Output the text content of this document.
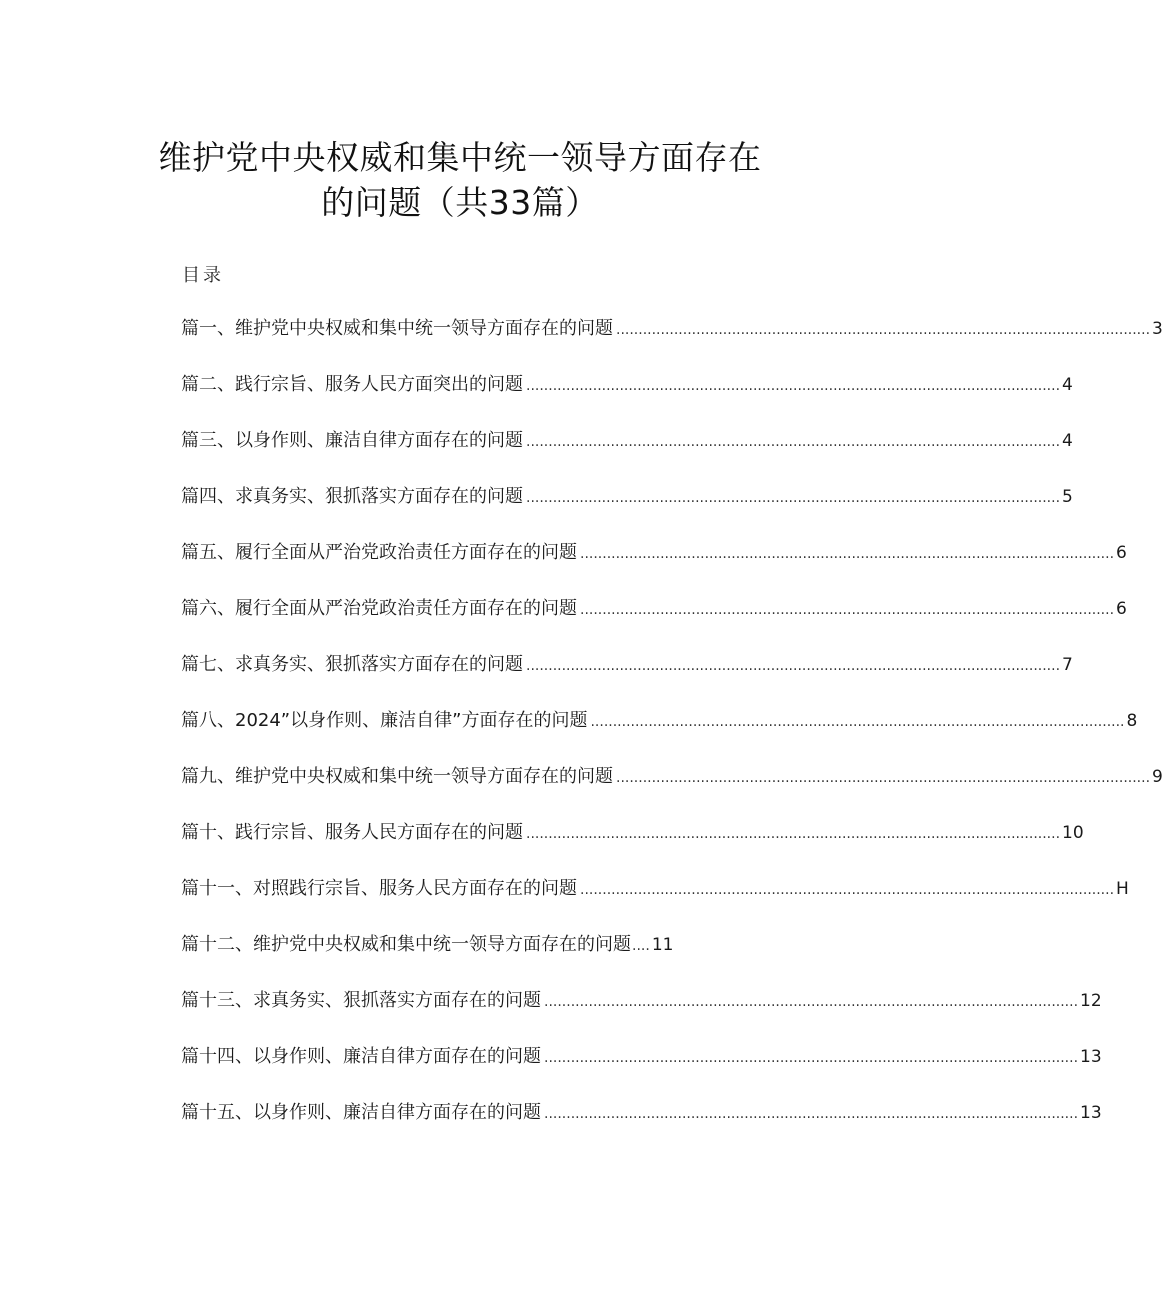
维护党中央权威和集中统一领导方面存在
的问题（共33篇）
目录
篇一、维护党中央权威和集中统一领导方面存在的问题 ........................................................................................................................ 3
篇二、践行宗旨、服务人民方面突出的问题 ........................................................................................................................ 4
篇三、以身作则、廉洁自律方面存在的问题 ........................................................................................................................ 4
篇四、求真务实、狠抓落实方面存在的问题 ........................................................................................................................ 5
篇五、履行全面从严治党政治责任方面存在的问题 ........................................................................................................................ 6
篇六、履行全面从严治党政治责任方面存在的问题 ........................................................................................................................ 6
篇七、求真务实、狠抓落实方面存在的问题 ........................................................................................................................ 7
篇八、2024”以身作则、廉洁自律”方面存在的问题 ........................................................................................................................ 8
篇九、维护党中央权威和集中统一领导方面存在的问题 ........................................................................................................................ 9
篇十、践行宗旨、服务人民方面存在的问题 ........................................................................................................................ 10
篇十一、对照践行宗旨、服务人民方面存在的问题 ........................................................................................................................ H
篇十二、维护党中央权威和集中统一领导方面存在的问题 .... 11
篇十三、求真务实、狠抓落实方面存在的问题 ........................................................................................................................ 12
篇十四、以身作则、廉洁自律方面存在的问题 ........................................................................................................................ 13
篇十五、以身作则、廉洁自律方面存在的问题 ........................................................................................................................ 13
